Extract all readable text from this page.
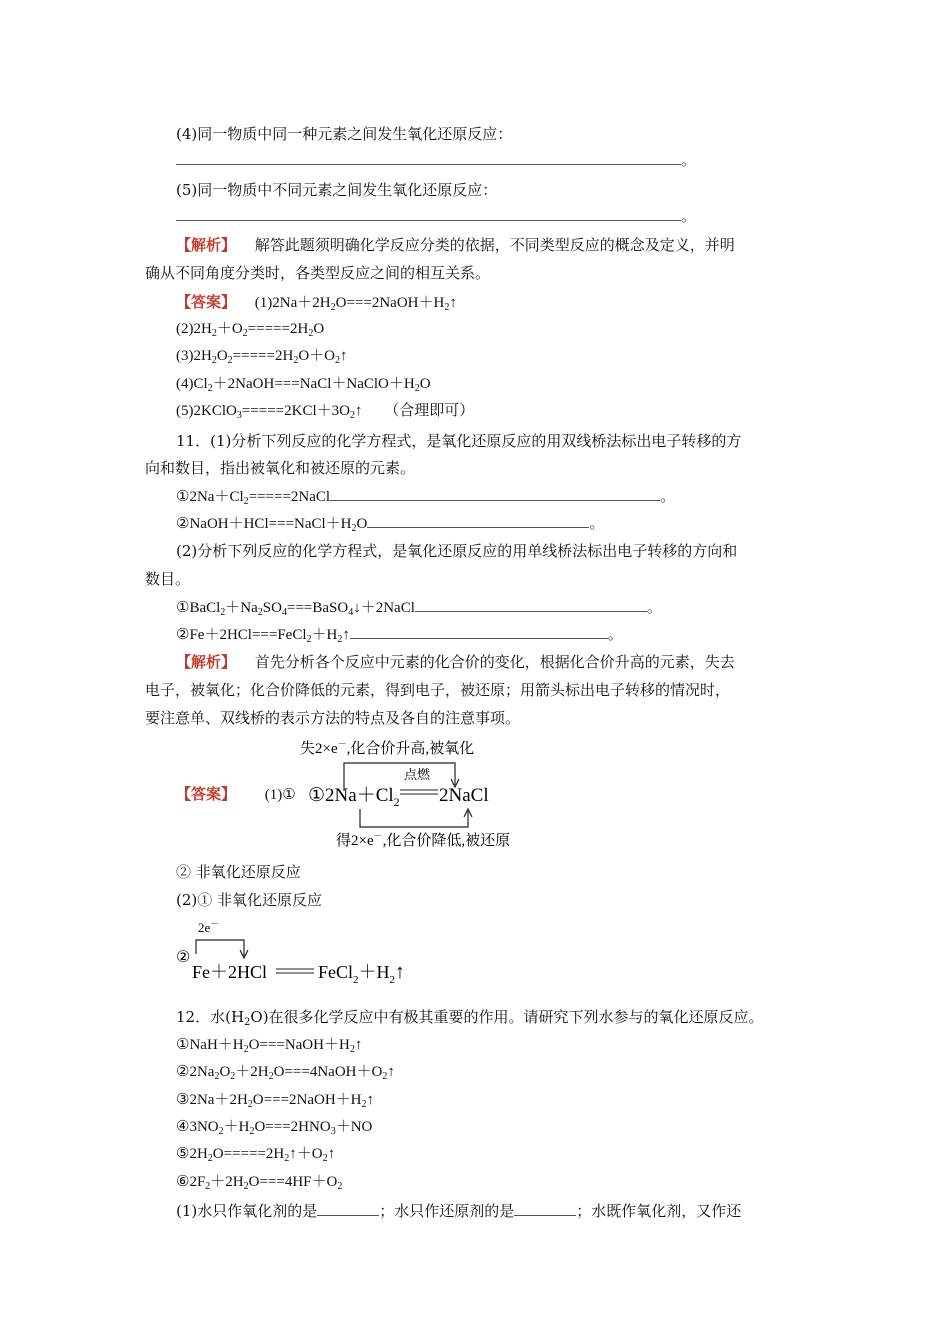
(4)同一物质中同一种元素之间发生氧化还原反应：
。
(5)同一物质中不同元素之间发生氧化还原反应：
。
【解析】 解答此题须明确化学反应分类的依据，不同类型反应的概念及定义，并明
确从不同角度分类时，各类型反应之间的相互关系。
【答案】 $(1)2Na+2H_2O===2NaOH+H_2↑$
$(2)2H_2+O_2=====2H_2O$
$(3)2H_2O_2=====2H_2O+O_2↑$
$(4)Cl_2+2NaOH===NaCl+NaClO+H_2O$
$(5)2KClO_3=====2KCl+3O_2↑$ （合理即可）
11．(1)分析下列反应的化学方程式，是氧化还原反应的用双线桥法标出电子转移的方
向和数目，指出被氧化和被还原的元素。
$①2Na+Cl_2=====2NaCl$	。
$②NaOH+HCl===NaCl+H_2O$	。
(2)分析下列反应的化学方程式，是氧化还原反应的用单线桥法标出电子转移的方向和
数目。
$①BaCl_2+Na_2SO_4===BaSO_4↓+2NaCl$	。
$②Fe+2HCl===FeCl_2+H_2↑$	。
【解析】 首先分析各个反应中元素的化合价的变化，根据化合价升高的元素，失去
电子，被氧化；化合价降低的元素，得到电子，被还原；用箭头标出电子转移的情况时，
要注意单、双线桥的表示方法的特点及各自的注意事项。
【答案】 (1)①
失2×e－,化合价升高,被氧化
点燃
$①2Na+Cl_2$ 2NaCl
得2×e－,化合价降低,被还原
② 非氧化还原反应
(2)① 非氧化还原反应
2e－
②
Fe＋2HCl	$FeCl_2+H_2↑$
12．水$(H_2O)$在很多化学反应中有极其重要的作用。请研究下列水参与的氧化还原反应。
$①NaH+H_2O===NaOH+H_2↑$
$②2Na_2O_2+2H_2O===4NaOH+O_2↑$
$③2Na+2H_2O===2NaOH+H_2↑$
$④3NO_2+H_2O===2HNO_3+NO$
$⑤2H_2O=====2H_2↑+O_2↑$
$⑥2F_2+2H_2O===4HF+O_2$
(1)水只作氧化剂的是	；水只作还原剂的是	；水既作氧化剂，又作还
